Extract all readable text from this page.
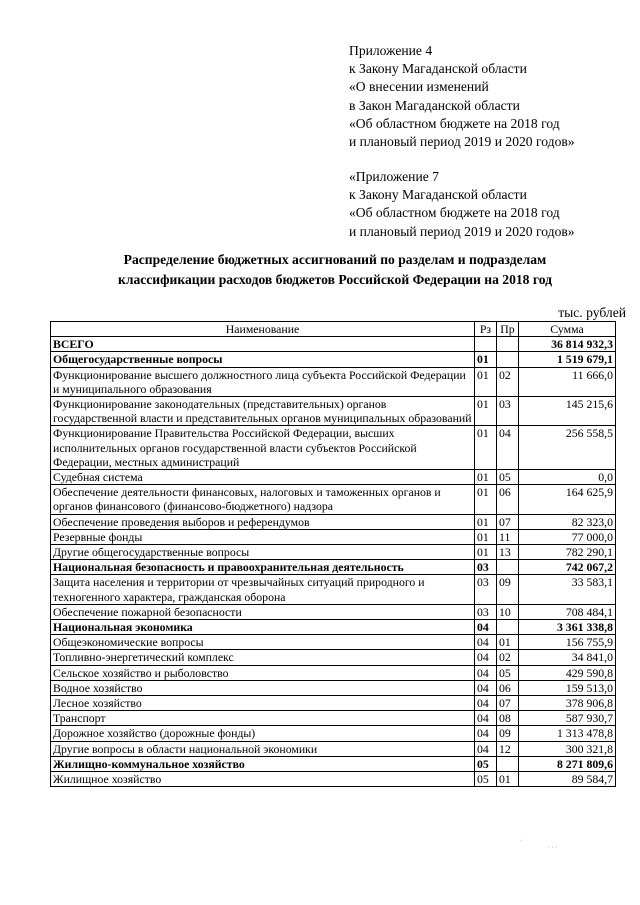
Приложение 4
к Закону Магаданской области
«О внесении изменений
в Закон Магаданской области
«Об областном бюджете на 2018 год
и плановый период 2019 и 2020 годов»
«Приложение 7
к Закону Магаданской области
«Об областном бюджете на 2018 год
и плановый период 2019 и 2020 годов»
Распределение бюджетных ассигнований по разделам и подразделам
классификации расходов бюджетов Российской Федерации на 2018 год
тыс. рублей
Наименование	Рз	Пр	Сумма
ВСЕГО			36 814 932,3
Общегосударственные вопросы	01		1 519 679,1
Функционирование высшего должностного лица субъекта Российской Федерации и муниципального образования	01	02	11 666,0
Функционирование законодательных (представительных) органов государственной власти и представительных органов муниципальных образований	01	03	145 215,6
Функционирование Правительства Российской Федерации, высших исполнительных органов государственной власти субъектов Российской Федерации, местных администраций	01	04	256 558,5
Судебная система	01	05	0,0
Обеспечение деятельности финансовых, налоговых и таможенных органов и органов финансового (финансово-бюджетного) надзора	01	06	164 625,9
Обеспечение проведения выборов и референдумов	01	07	82 323,0
Резервные фонды	01	11	77 000,0
Другие общегосударственные вопросы	01	13	782 290,1
Национальная безопасность и правоохранительная деятельность	03		742 067,2
Защита населения и территории от чрезвычайных ситуаций природного и техногенного характера, гражданская оборона	03	09	33 583,1
Обеспечение пожарной безопасности	03	10	708 484,1
Национальная экономика	04		3 361 338,8
Общеэкономические вопросы	04	01	156 755,9
Топливно-энергетический комплекс	04	02	34 841,0
Сельское хозяйство и рыболовство	04	05	429 590,8
Водное хозяйство	04	06	159 513,0
Лесное хозяйство	04	07	378 906,8
Транспорт	04	08	587 930,7
Дорожное хозяйство (дорожные фонды)	04	09	1 313 478,8
Другие вопросы в области национальной экономики	04	12	300 321,8
Жилищно-коммунальное хозяйство	05		8 271 809,6
Жилищное хозяйство	05	01	89 584,7
·
· · ·
